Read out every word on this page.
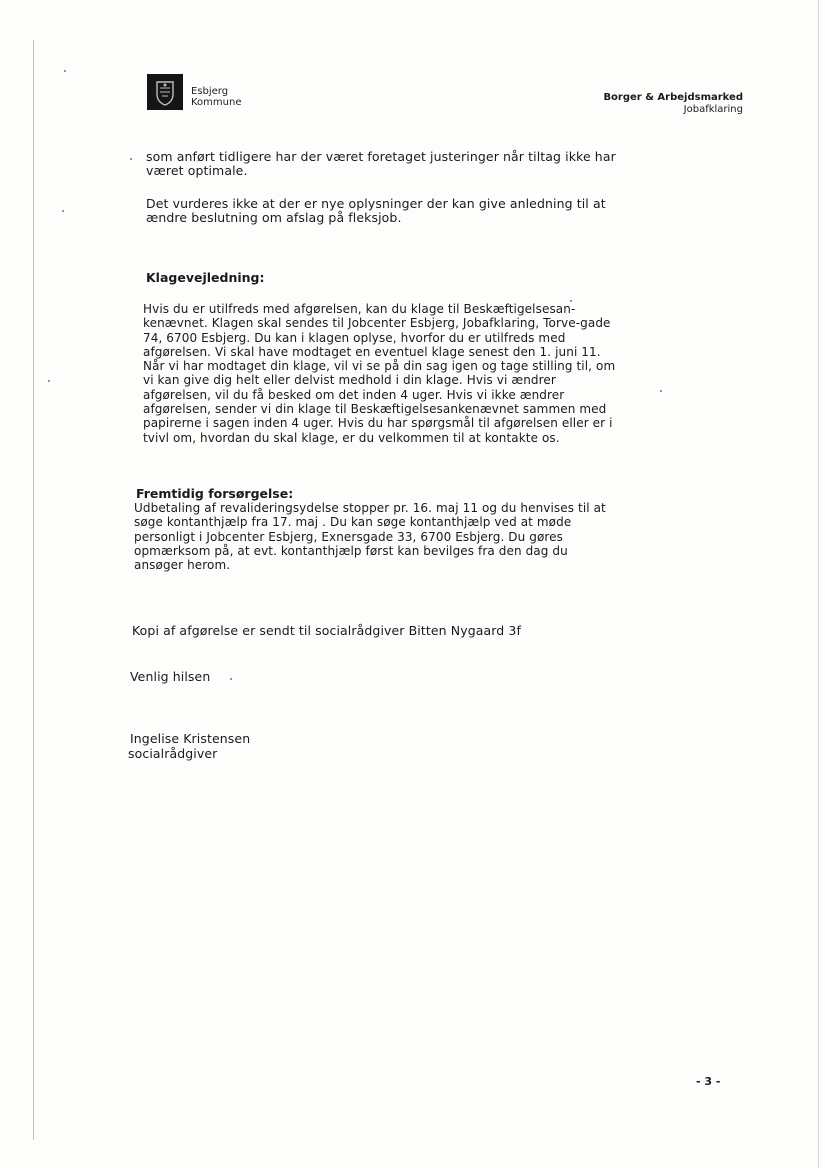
Esbjerg
Kommune	Borger & Arbejdsmarked
Jobafklaring
som anført tidligere har der været foretaget justeringer når tiltag ikke har været optimale.
Det vurderes ikke at der er nye oplysninger der kan give anledning til at ændre beslutning om afslag på fleksjob.
Klagevejledning:
Hvis du er utilfreds med afgørelsen, kan du klage til Beskæftigelsesan-kenævnet. Klagen skal sendes til Jobcenter Esbjerg, Jobafklaring, Torve-gade 74, 6700 Esbjerg. Du kan i klagen oplyse, hvorfor du er utilfreds med afgørelsen. Vi skal have modtaget en eventuel klage senest den 1. juni 11. Når vi har modtaget din klage, vil vi se på din sag igen og tage stilling til, om vi kan give dig helt eller delvist medhold i din klage. Hvis vi ændrer afgørelsen, vil du få besked om det inden 4 uger. Hvis vi ikke ændrer afgørelsen, sender vi din klage til Beskæftigelsesankenævnet sammen med papirerne i sagen inden 4 uger. Hvis du har spørgsmål til afgørelsen eller er i tvivl om, hvordan du skal klage, er du velkommen til at kontakte os.
Fremtidig forsørgelse:
Udbetaling af revalideringsydelse stopper pr. 16. maj 11 og du henvises til at søge kontanthjælp fra 17. maj . Du kan søge kontanthjælp ved at møde personligt i Jobcenter Esbjerg, Exnersgade 33, 6700 Esbjerg. Du gøres opmærksom på, at evt. kontanthjælp først kan bevilges fra den dag du ansøger herom.
Kopi af afgørelse er sendt til socialrådgiver Bitten Nygaard 3f
Venlig hilsen
Ingelise Kristensen
socialrådgiver
- 3 -
